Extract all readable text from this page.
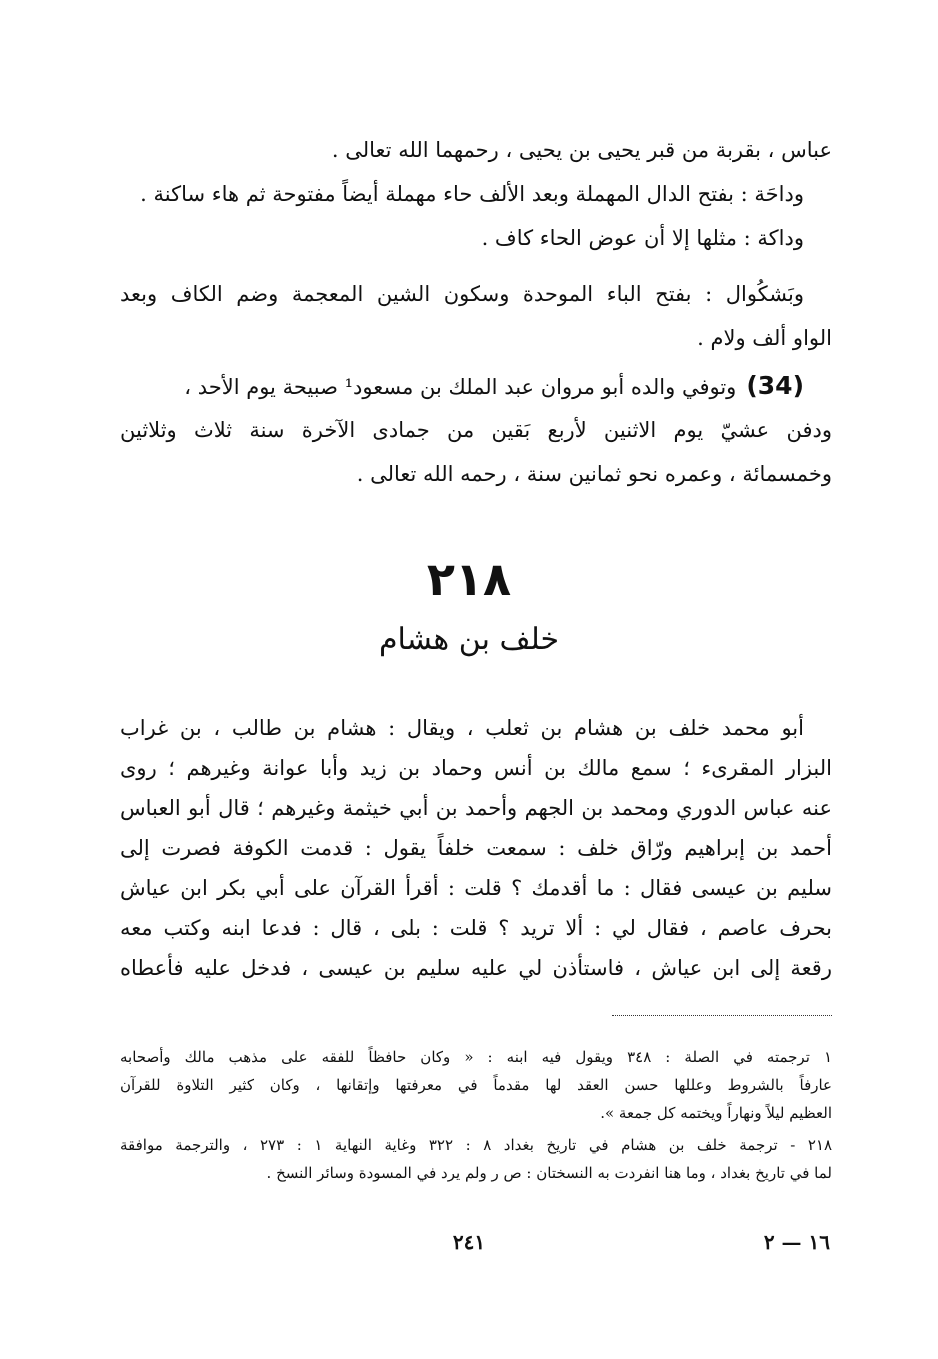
عباس ، بقربة من قبر يحيى بن يحيى ، رحمهما الله تعالى .
وداحَة : بفتح الدال المهملة وبعد الألف حاء مهملة أيضاً مفتوحة ثم هاء ساكنة .
وداكة : مثلها إلا أن عوض الحاء كاف .
وبَشكُوال : بفتح الباء الموحدة وسكون الشين المعجمة وضم الكاف وبعد
الواو ألف ولام .
(34)وتوفي والده أبو مروان عبد الملك بن مسعود¹ صبيحة يوم الأحد ،
ودفن عشيّ يوم الاثنين لأربع بَقين من جمادى الآخرة سنة ثلاث وثلاثين
وخمسمائة ، وعمره نحو ثمانين سنة ، رحمه الله تعالى .
٢١٨
خلف بن هشام
أبو محمد خلف بن هشام بن ثعلب ، ويقال : هشام بن طالب ، بن غراب
البزار المقرىء ؛ سمع مالك بن أنس وحماد بن زيد وأبا عوانة وغيرهم ؛ روى
عنه عباس الدوري ومحمد بن الجهم وأحمد بن أبي خيثمة وغيرهم ؛ قال أبو العباس
أحمد بن إبراهيم ورّاق خلف : سمعت خلفاً يقول : قدمت الكوفة فصرت إلى
سليم بن عيسى فقال : ما أقدمك ؟ قلت : أقرأ القرآن على أبي بكر ابن عياش
بحرف عاصم ، فقال لي : ألا تريد ؟ قلت : بلى ، قال : فدعا ابنه وكتب معه
رقعة إلى ابن عياش ، فاستأذن لي عليه سليم بن عيسى ، فدخل عليه فأعطاه
١ ترجمته في الصلة : ٣٤٨ ويقول فيه ابنه : « وكان حافظاً للفقه على مذهب مالك وأصحابه
عارفاً بالشروط وعللها حسن العقد لها مقدماً في معرفتها وإتقانها ، وكان كثير التلاوة للقرآن
العظيم ليلاً ونهاراً ويختمه كل جمعة ».
٢١٨ - ترجمة خلف بن هشام في تاريخ بغداد ٨ : ٣٢٢ وغاية النهاية ١ : ٢٧٣ ، والترجمة موافقة
لما في تاريخ بغداد ، وما هنا انفردت به النسختان : ص ر ولم يرد في المسودة وسائر النسخ .
٢٤١	١٦ — ٢
